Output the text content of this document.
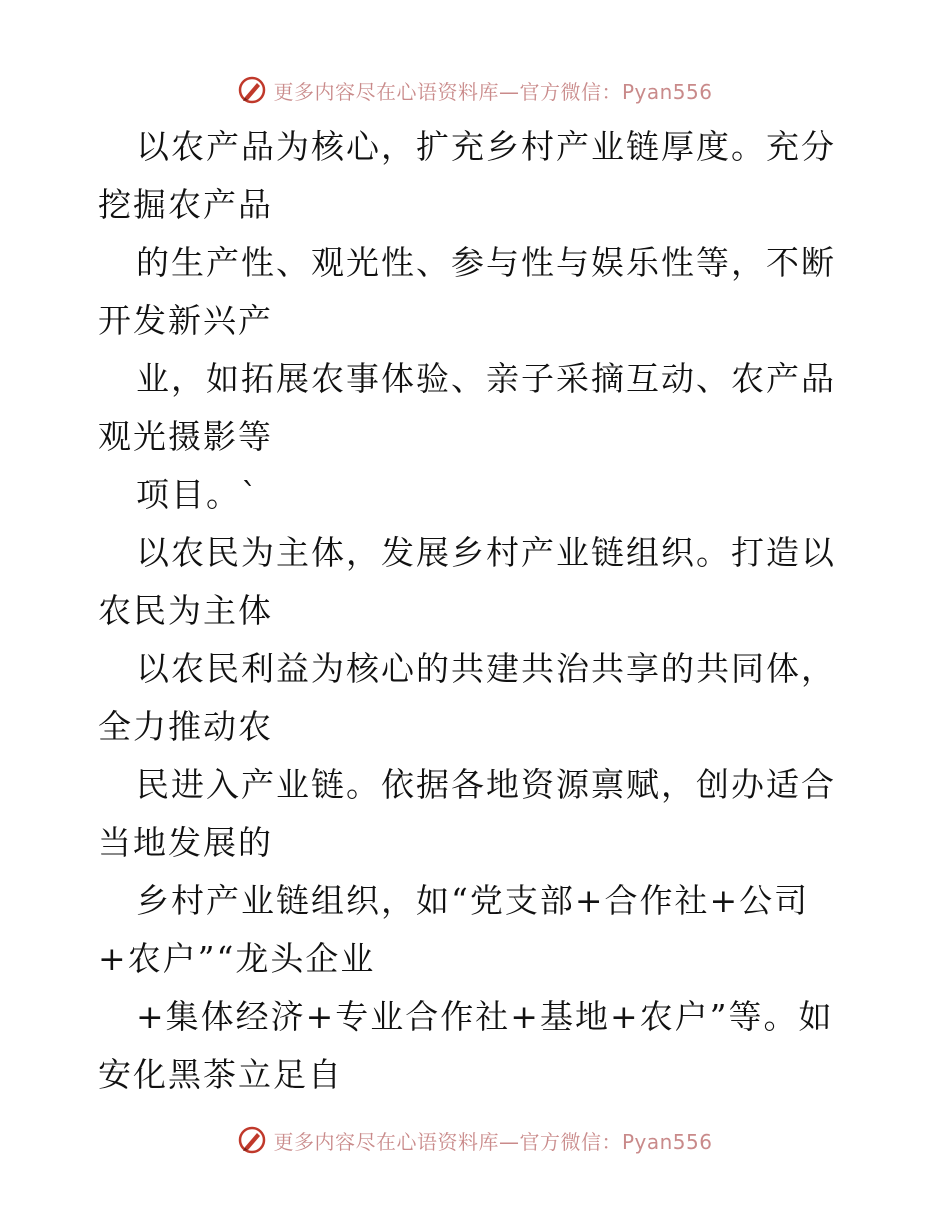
更多内容尽在心语资料库—官方微信：Pyan556

以农产品为核心，扩充乡村产业链厚度。充分挖掘农产品

的生产性、观光性、参与性与娱乐性等，不断开发新兴产

业，如拓展农事体验、亲子采摘互动、农产品观光摄影等

项目。`

以农民为主体，发展乡村产业链组织。打造以农民为主体

以农民利益为核心的共建共治共享的共同体，全力推动农

民进入产业链。依据各地资源禀赋，创办适合当地发展的

乡村产业链组织，如“党支部+合作社+公司+农户”“龙头企业

+集体经济+专业合作社+基地+农户”等。如安化黑茶立足自

更多内容尽在心语资料库—官方微信：Pyan556
